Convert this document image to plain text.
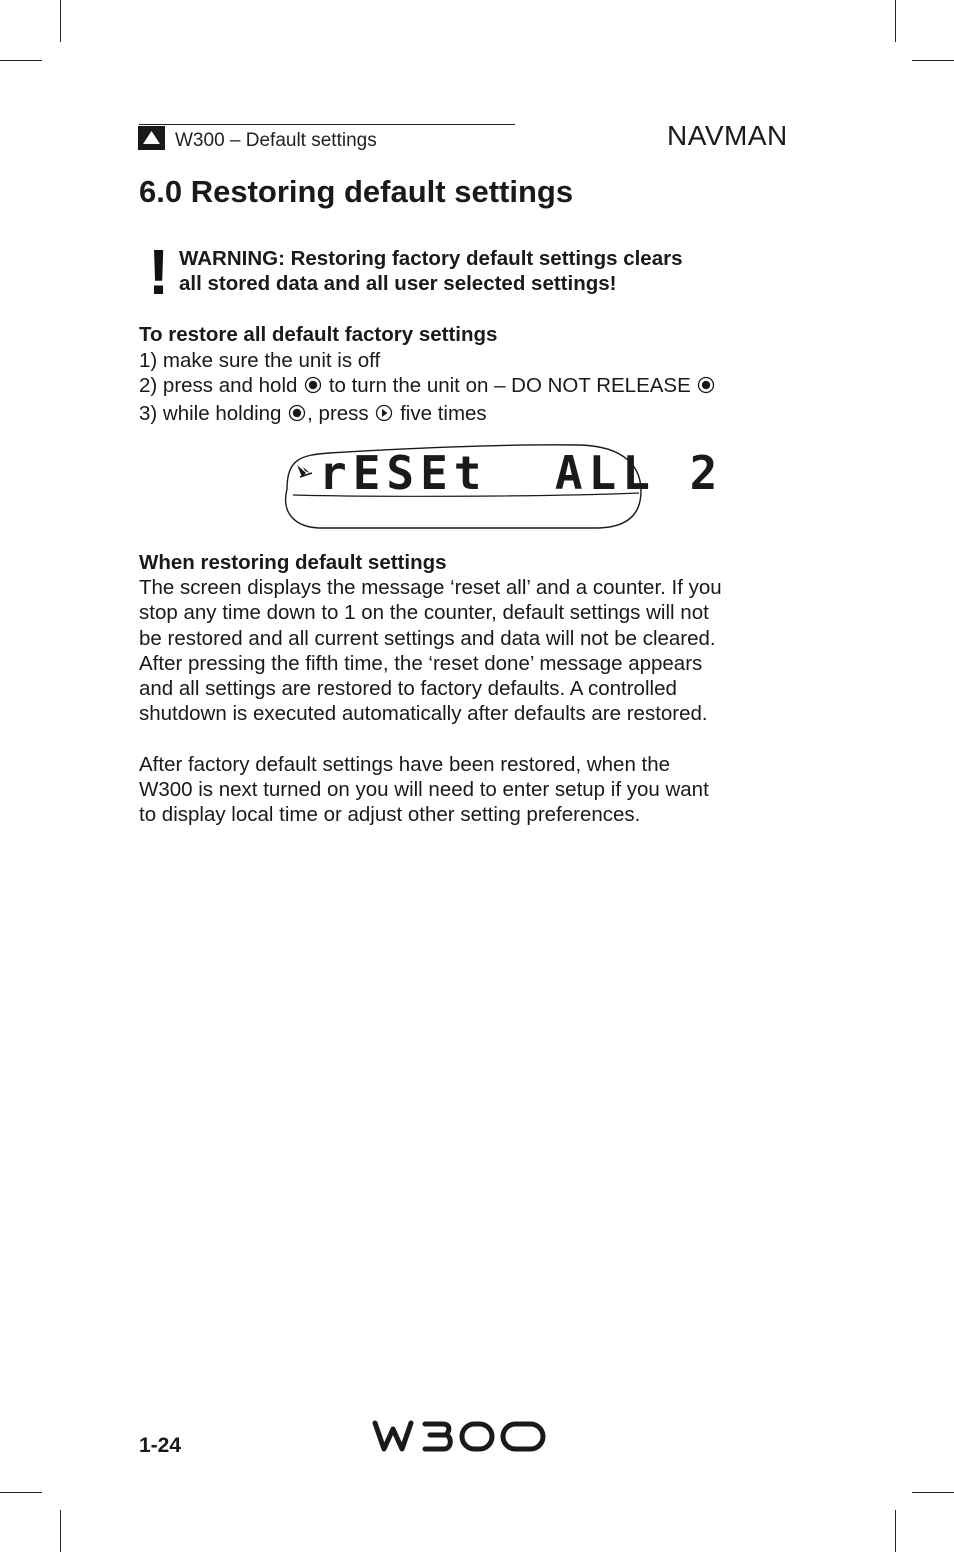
W300 – Default settings	NAVMAN
6.0 Restoring default settings
! WARNING: Restoring factory default settings clears
all stored data and all user selected settings!
To restore all default factory settings
1) make sure the unit is off
2) press and hold to turn the unit on – DO NOT RELEASE
3) while holding , press five times
rESEt  ALL 2
When restoring default settings

The screen displays the message ‘reset all’ and a counter. If you

stop any time down to 1 on the counter, default settings will not

be restored and all current settings and data will not be cleared.

After pressing the fifth time, the ‘reset done’ message appears

and all settings are restored to factory defaults. A controlled

shutdown is executed automatically after defaults are restored.

After factory default settings have been restored, when the

W300 is next turned on you will need to enter setup if you want

to display local time or adjust other setting preferences.

1-24
